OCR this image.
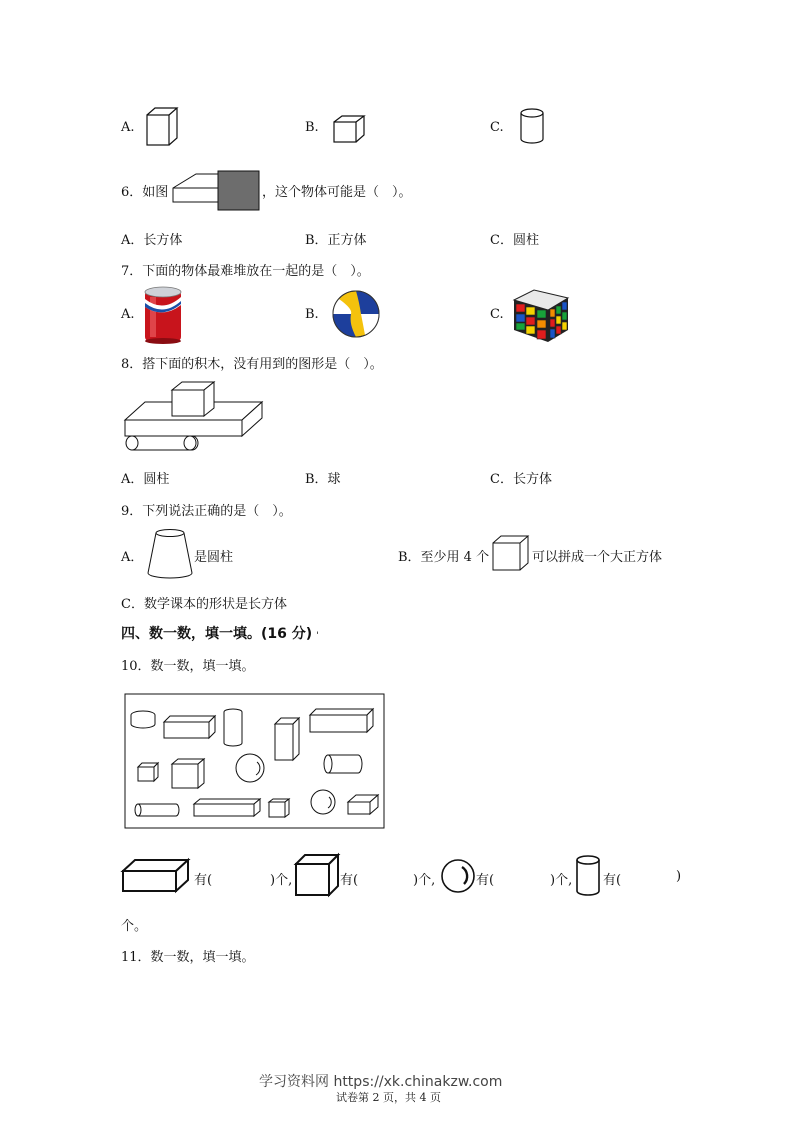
A.	B.	C.
6．如图	，这个物体可能是（　）。
A．长方体	B．正方体	C．圆柱
7．下面的物体最难堆放在一起的是（　）。
A.	B.	C.
8．搭下面的积木，没有用到的图形是（　）。
A．圆柱	B．球	C．长方体
9．下列说法正确的是（　）。
A．	是圆柱	B．至少用 4 个	可以拼成一个大正方体
C．数学课本的形状是长方体
四、数一数，填一填。(16 分) '
10．数一数，填一填。
有(	)个,	有(	)个,	有(	)个, 有(	)
个。
11．数一数，填一填。
学习资料网 https://xk.chinakzw.com
试卷第 2 页，共 4 页
